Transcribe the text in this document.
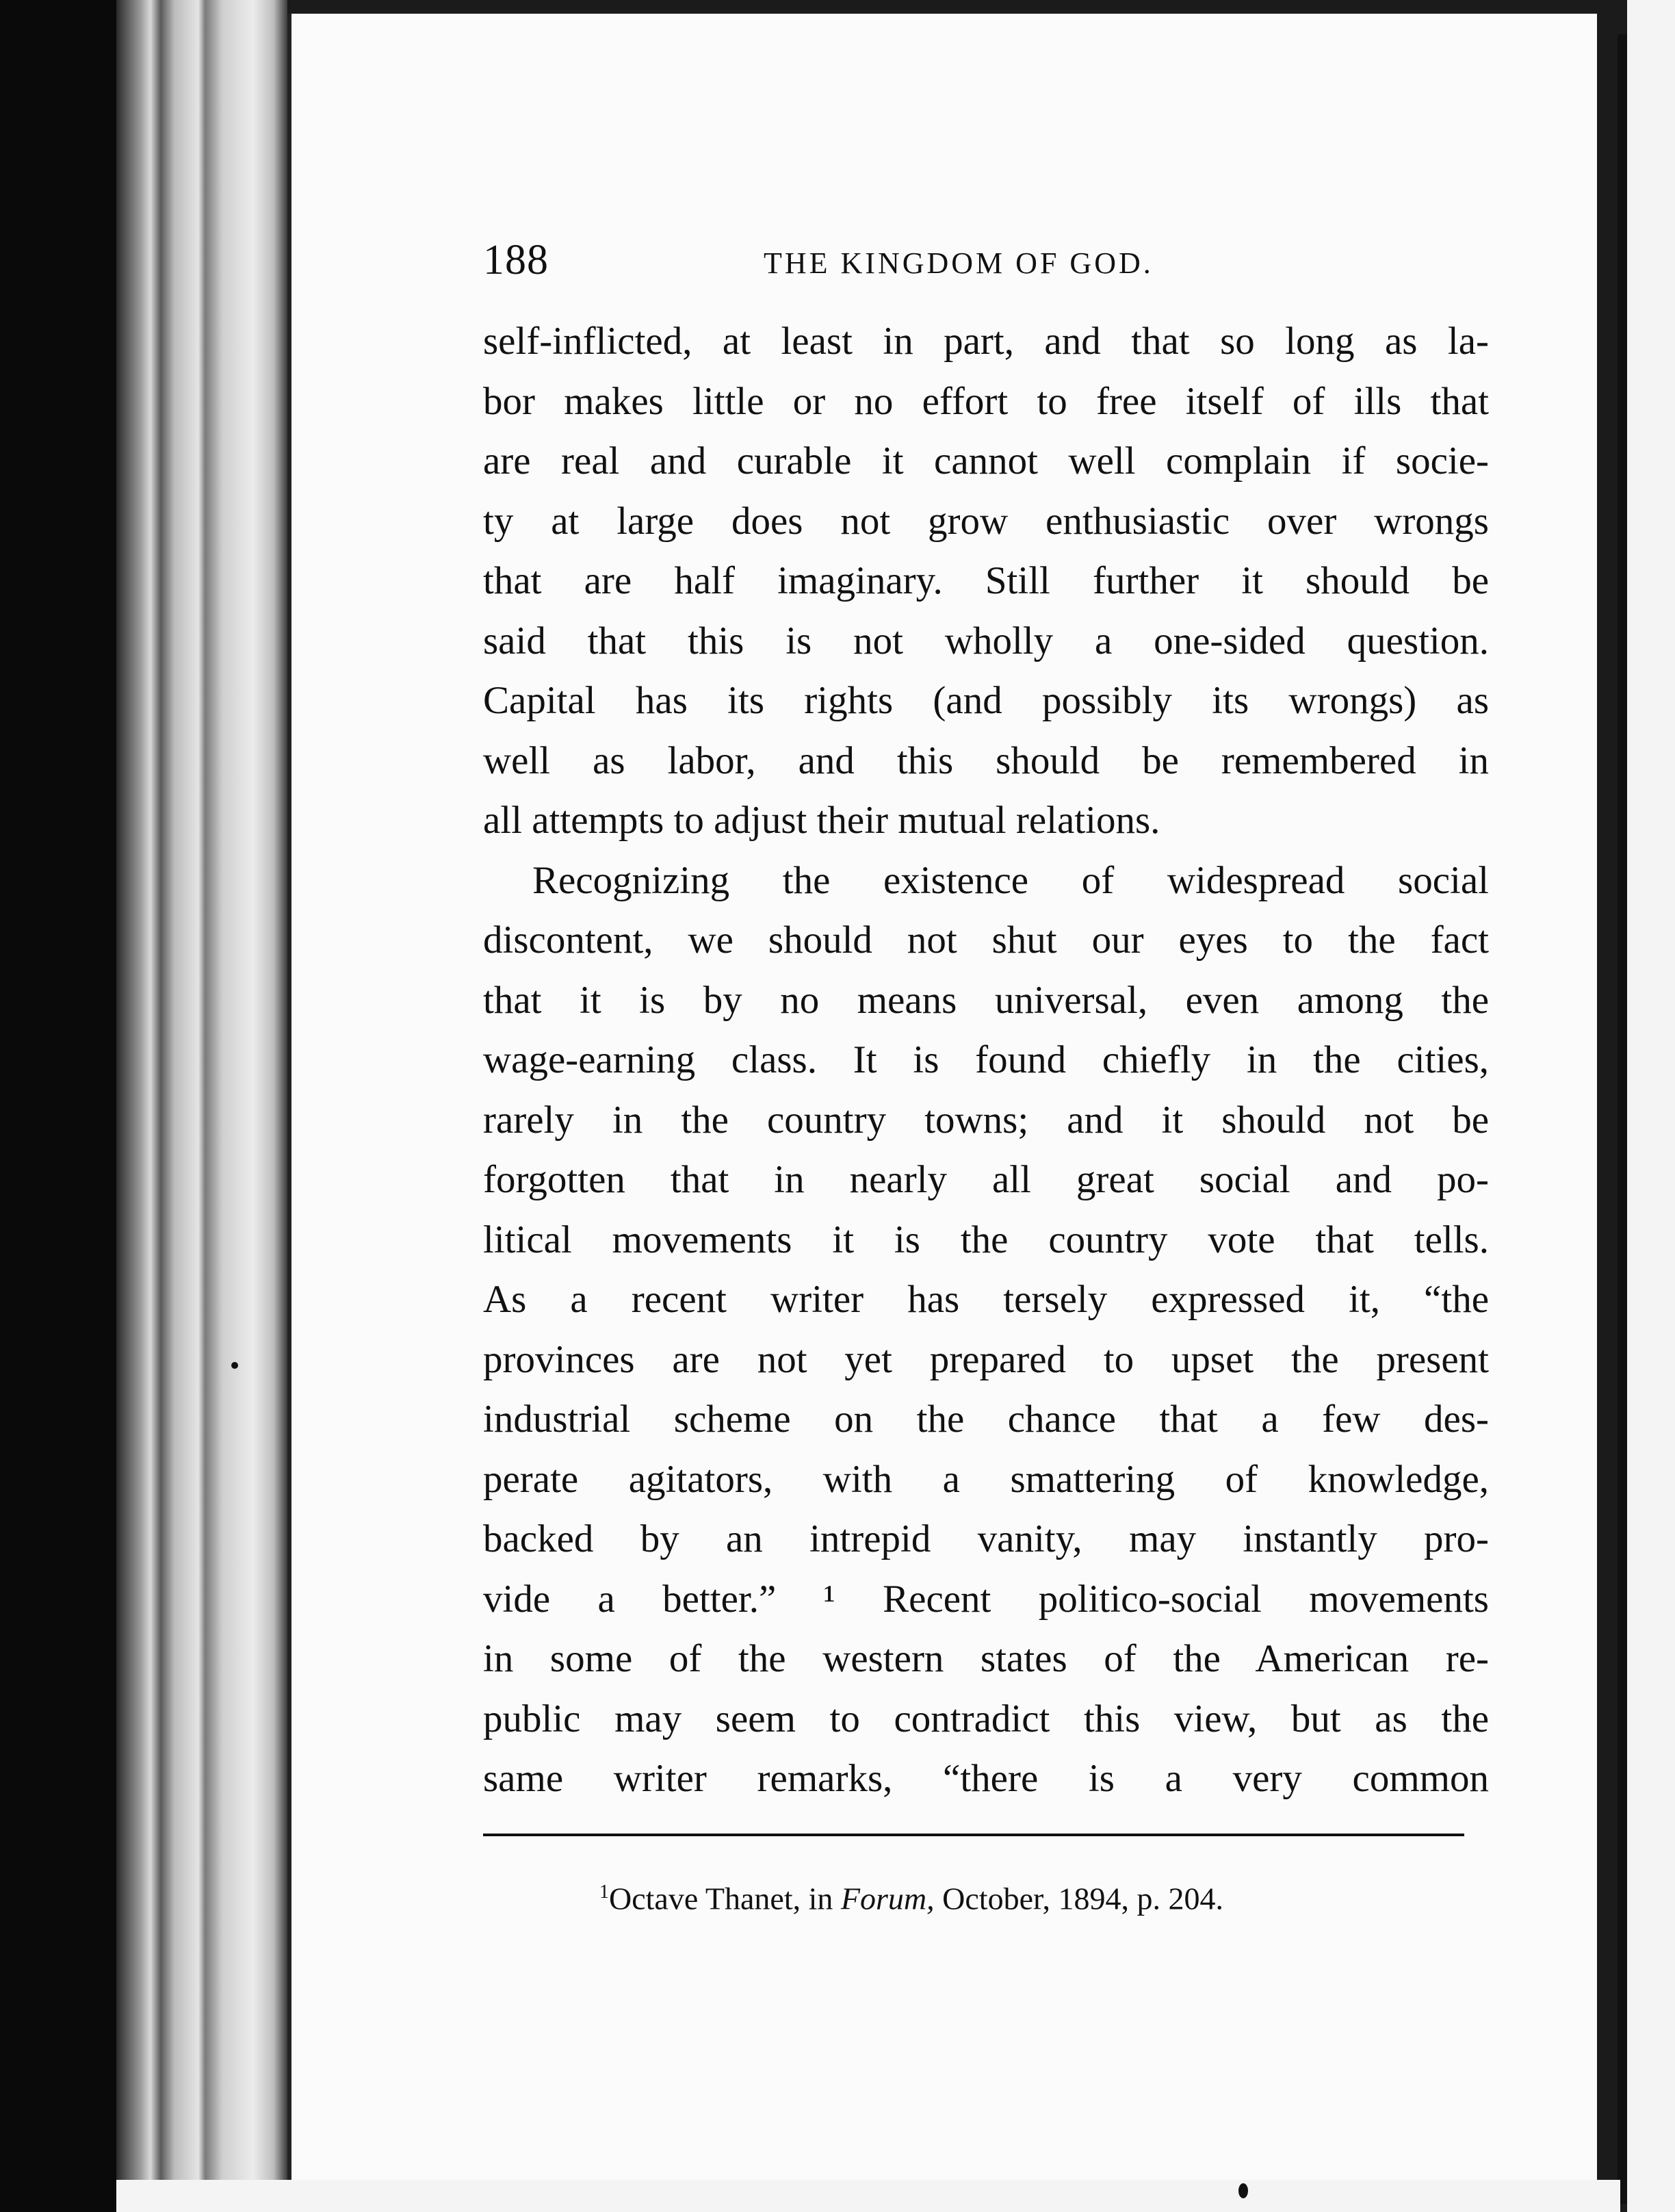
188	THE KINGDOM OF GOD.
self-inflicted, at least in part, and that so long as la-
bor makes little or no effort to free itself of ills that
are real and curable it cannot well complain if socie-
ty at large does not grow enthusiastic over wrongs
that are half imaginary. Still further it should be
said that this is not wholly a one-sided question.
Capital has its rights (and possibly its wrongs) as
well as labor, and this should be remembered in
all attempts to adjust their mutual relations.
Recognizing the existence of widespread social
discontent, we should not shut our eyes to the fact
that it is by no means universal, even among the
wage-earning class. It is found chiefly in the cities,
rarely in the country towns; and it should not be
forgotten that in nearly all great social and po-
litical movements it is the country vote that tells.
As a recent writer has tersely expressed it, “the
provinces are not yet prepared to upset the present
industrial scheme on the chance that a few des-
perate agitators, with a smattering of knowledge,
backed by an intrepid vanity, may instantly pro-
vide a better.” ¹ Recent politico-social movements
in some of the western states of the American re-
public may seem to contradict this view, but as the
same writer remarks, “there is a very common
$^1$Octave Thanet, in Forum, October, 1894, p. 204.
